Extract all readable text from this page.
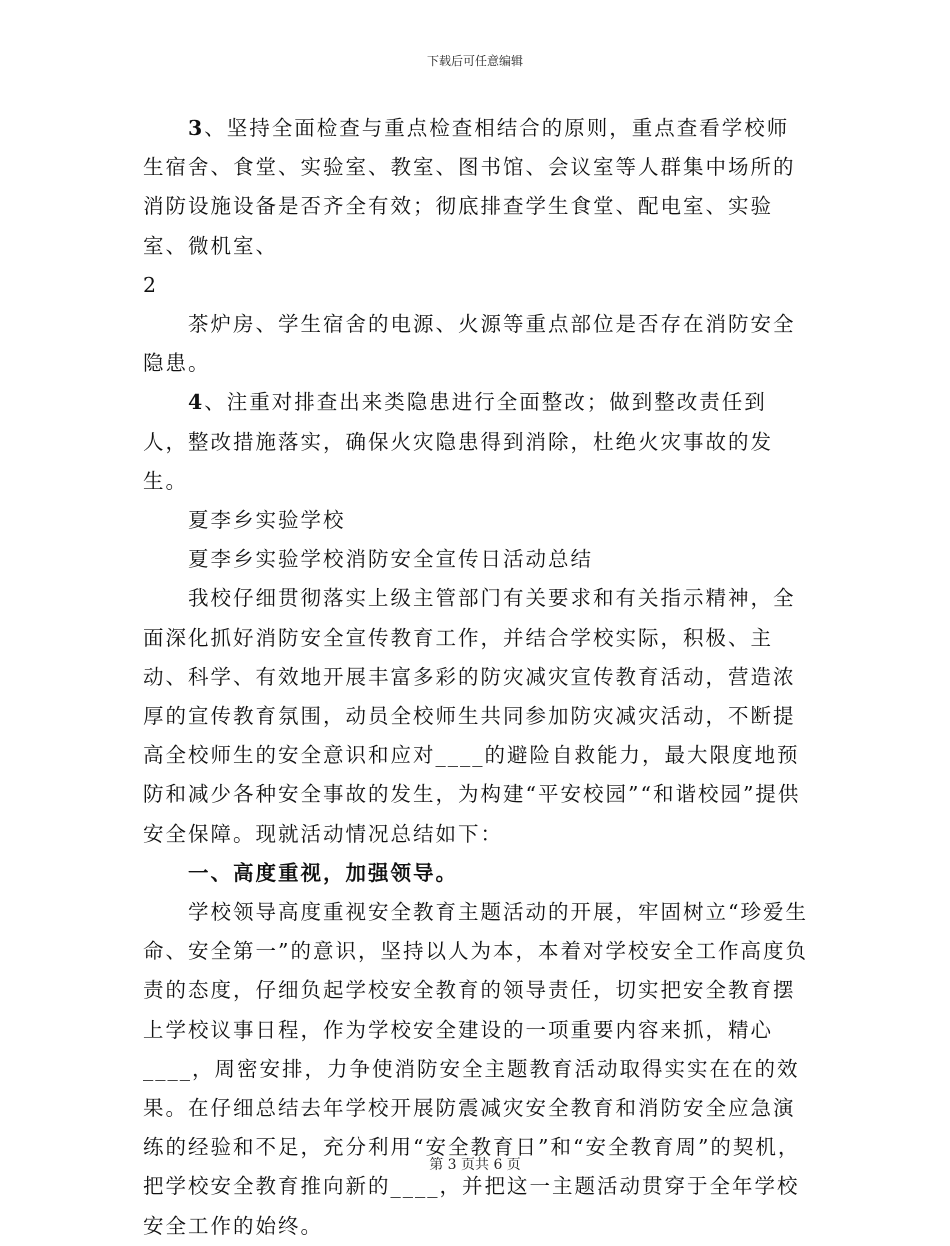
下载后可任意编辑

3、坚持全面检查与重点检查相结合的原则，重点查看学校师生宿舍、食堂、实验室、教室、图书馆、会议室等人群集中场所的消防设施设备是否齐全有效；彻底排查学生食堂、配电室、实验室、微机室、

2

茶炉房、学生宿舍的电源、火源等重点部位是否存在消防安全隐患。

4、注重对排查出来类隐患进行全面整改；做到整改责任到人，整改措施落实，确保火灾隐患得到消除，杜绝火灾事故的发生。

夏李乡实验学校

夏李乡实验学校消防安全宣传日活动总结

我校仔细贯彻落实上级主管部门有关要求和有关指示精神，全面深化抓好消防安全宣传教育工作，并结合学校实际，积极、主动、科学、有效地开展丰富多彩的防灾减灾宣传教育活动，营造浓厚的宣传教育氛围，动员全校师生共同参加防灾减灾活动，不断提高全校师生的安全意识和应对____的避险自救能力，最大限度地预防和减少各种安全事故的发生，为构建“平安校园”“和谐校园”提供安全保障。现就活动情况总结如下：

一、高度重视，加强领导。

学校领导高度重视安全教育主题活动的开展，牢固树立“珍爱生命、安全第一”的意识，坚持以人为本，本着对学校安全工作高度负责的态度，仔细负起学校安全教育的领导责任，切实把安全教育摆上学校议事日程，作为学校安全建设的一项重要内容来抓，精心____，周密安排，力争使消防安全主题教育活动取得实实在在的效果。在仔细总结去年学校开展防震减灾安全教育和消防安全应急演练的经验和不足，充分利用“安全教育日”和“安全教育周”的契机，把学校安全教育推向新的____，并把这一主题活动贯穿于全年学校安全工作的始终。

第 3 页共 6 页
